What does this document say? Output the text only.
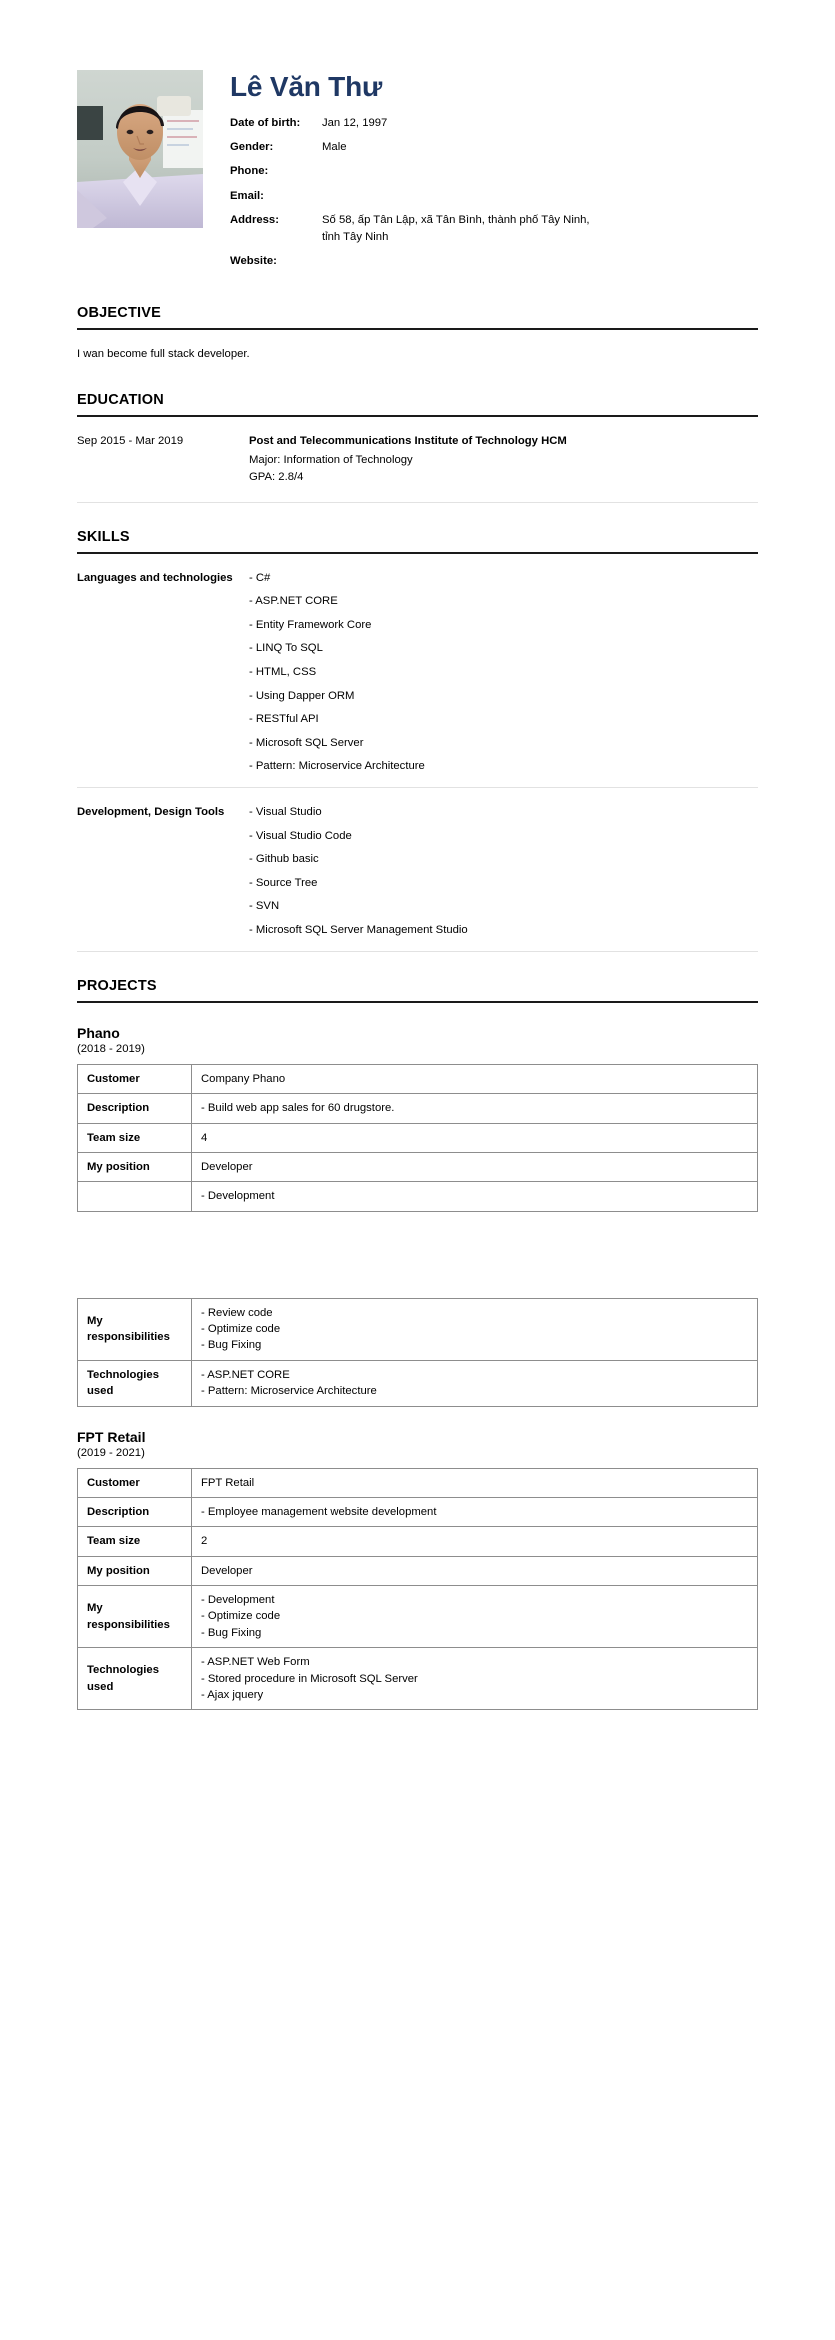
Lê Văn Thư
Date of birth:	Jan 12, 1997
Gender:	Male
Phone:	
Email:	
Address:	Số 58, ấp Tân Lập, xã Tân Bình, thành phố Tây Ninh,
tỉnh Tây Ninh

Website:	
OBJECTIVE
I wan become full stack developer.
EDUCATION
Sep 2015 - Mar 2019	Post and Telecommunications Institute of Technology HCM
Major: Information of Technology
GPA: 2.8/4
SKILLS
Languages and technologies	- C#
- ASP.NET CORE
- Entity Framework Core
- LINQ To SQL
- HTML, CSS
- Using Dapper ORM
- RESTful API
- Microsoft SQL Server
- Pattern: Microservice Architecture
Development, Design Tools	- Visual Studio
- Visual Studio Code
- Github basic
- Source Tree
- SVN
- Microsoft SQL Server Management Studio
PROJECTS
Phano
(2018 - 2019)
Customer	Company Phano
Description	- Build web app sales for 60 drugstore.
Team size	4
My position	Developer
	- Development
My responsibilities	- Review code
- Optimize code
- Bug Fixing

Technologies used	- ASP.NET CORE
- Pattern: Microservice Architecture
FPT Retail
(2019 - 2021)
Customer	FPT Retail
Description	- Employee management website development
Team size	2
My position	Developer
My responsibilities	- Development
- Optimize code
- Bug Fixing

Technologies used	- ASP.NET Web Form
- Stored procedure in Microsoft SQL Server
- Ajax jquery
